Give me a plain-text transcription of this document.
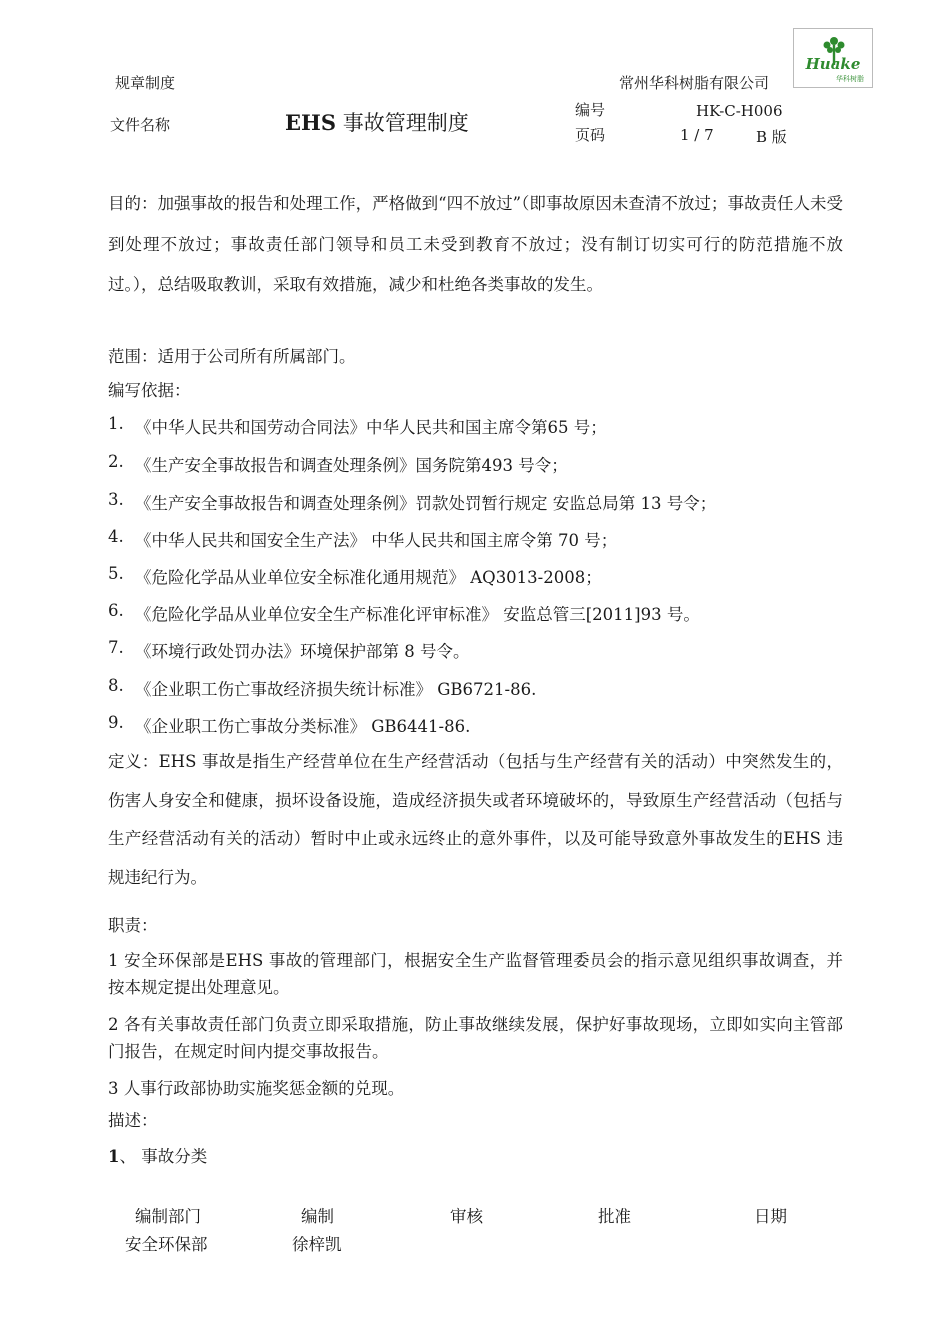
规章制度	常州华科树脂有限公司
Huake
华科树脂
文件名称	EHS 事故管理制度
编号	HK-C-H006
页码	1 / 7	B 版
目的：加强事故的报告和处理工作，严格做到“四不放过”（即事故原因未查清不放过；事故责任人未受到处理不放过；事故责任部门领导和员工未受到教育不放过；没有制订切实可行的防范措施不放过。），总结吸取教训，采取有效措施，减少和杜绝各类事故的发生。
范围：适用于公司所有所属部门。
编写依据：
1. 《中华人民共和国劳动合同法》中华人民共和国主席令第65 号；
2. 《生产安全事故报告和调查处理条例》国务院第493 号令；
3. 《生产安全事故报告和调查处理条例》罚款处罚暂行规定 安监总局第 13 号令；
4. 《中华人民共和国安全生产法》 中华人民共和国主席令第 70 号；
5. 《危险化学品从业单位安全标准化通用规范》 AQ3013-2008；
6. 《危险化学品从业单位安全生产标准化评审标准》 安监总管三[2011]93 号。
7. 《环境行政处罚办法》环境保护部第 8 号令。
8. 《企业职工伤亡事故经济损失统计标准》 GB6721-86.
9. 《企业职工伤亡事故分类标准》 GB6441-86.
定义：EHS 事故是指生产经营单位在生产经营活动（包括与生产经营有关的活动）中突然发生的，伤害人身安全和健康，损坏设备设施，造成经济损失或者环境破坏的，导致原生产经营活动（包括与生产经营活动有关的活动）暂时中止或永远终止的意外事件，以及可能导致意外事故发生的EHS 违规违纪行为。
职责：
1 安全环保部是EHS 事故的管理部门，根据安全生产监督管理委员会的指示意见组织事故调查，并按本规定提出处理意见。
2 各有关事故责任部门负责立即采取措施，防止事故继续发展，保护好事故现场，立即如实向主管部门报告，在规定时间内提交事故报告。
3 人事行政部协助实施奖惩金额的兑现。
描述：
1、 事故分类
编制部门	编制	审核	批准	日期
安全环保部	徐梓凯
